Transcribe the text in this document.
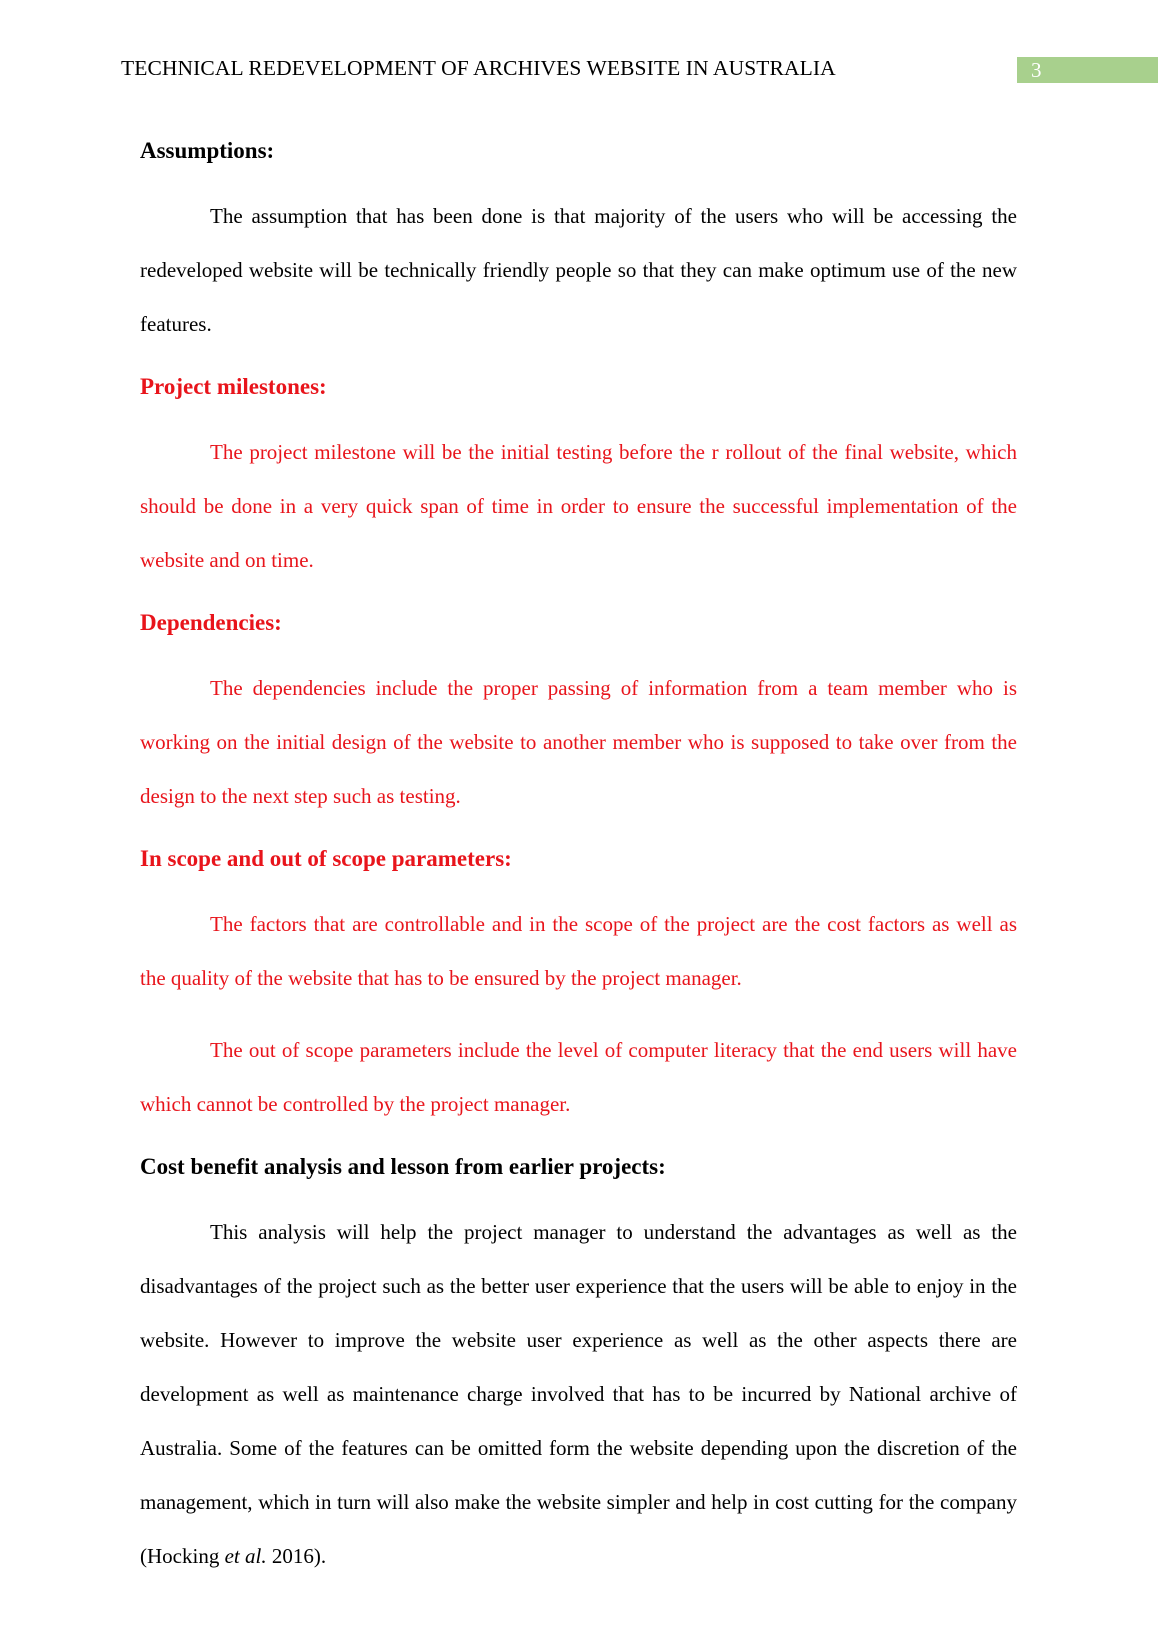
TECHNICAL REDEVELOPMENT OF ARCHIVES WEBSITE IN AUSTRALIA	3
Assumptions:

The assumption that has been done is that majority of the users who will be accessing the redeveloped website will be technically friendly people so that they can make optimum use of the new features.

Project milestones:

The project milestone will be the initial testing before the r rollout of the final website, which should be done in a very quick span of time in order to ensure the successful implementation of the website and on time.

Dependencies:

The dependencies include the proper passing of information from a team member who is working on the initial design of the website to another member who is supposed to take over from the design to the next step such as testing.

In scope and out of scope parameters:

The factors that are controllable and in the scope of the project are the cost factors as well as the quality of the website that has to be ensured by the project manager.

The out of scope parameters include the level of computer literacy that the end users will have which cannot be controlled by the project manager.

Cost benefit analysis and lesson from earlier projects:

This analysis will help the project manager to understand the advantages as well as the disadvantages of the project such as the better user experience that the users will be able to enjoy in the website. However to improve the website user experience as well as the other aspects there are development as well as maintenance charge involved that has to be incurred by National archive of Australia. Some of the features can be omitted form the website depending upon the discretion of the management, which in turn will also make the website simpler and help in cost cutting for the company (Hocking et al. 2016).
